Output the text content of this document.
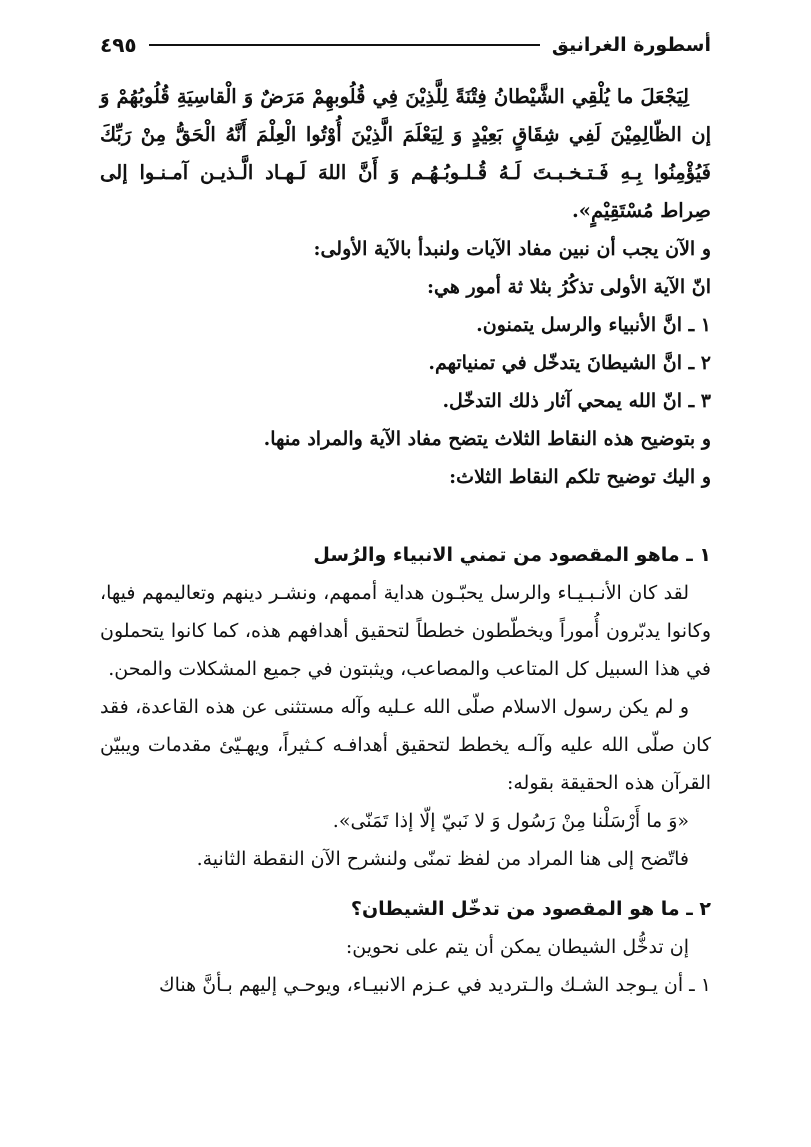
أسطورة الغرانيق
٤٩٥

لِيَجْعَلَ ما يُلْقِي الشَّيْطانُ فِتْنَةً لِلَّذِيْنَ فِي قُلُوبهِمْ مَرَضٌ وَ الْقاسِيَةِ قُلُوبُهُمْ وَ إن الظّالِمِيْنَ لَفِي شِقَاقٍ بَعِيْدٍ وَ لِيَعْلَمَ الَّذِيْنَ أُوْتُوا الْعِلْمَ أَنَّهُ الْحَقُّ مِنْ رَبِّكَ فَيُؤْمِنُوا بِـهِ فَـتـخـبـتَ لَـهُ قُـلـوبُـهُـم وَ أَنَّ اللهَ لَـهـاد الَّـذيـن آمـنـوا إلى صِراط مُسْتَقِيْمٍ».

و الآن يجب أن نبين مفاد الآيات ولنبدأ بالآية الأولى:

انّ الآية الأولى تذكُرُ بثلا ثة أمور هي:

١ ـ انَّ الأنبياء والرسل يتمنون.

٢ ـ انَّ الشيطانَ يتدخّل في تمنياتهم.

٣ ـ انّ الله يمحي آثار ذلك التدخّل.

و بتوضيح هذه النقاط الثلاث يتضح مفاد الآية والمراد منها.

و اليك توضيح تلكم النقاط الثلاث:

١ ـ ماهو المقصود من تمني الانبياء والرُسل

لقد كان الأنـبـيـاء والرسل يحبّـون هداية أممهم، ونشـر دينهم وتعاليمهم فيها، وكانوا يدبّرون أُموراً ويخطّطون خططاً لتحقيق أهدافهم هذه، كما كانوا يتحملون في هذا السبيل كل المتاعب والمصاعب، ويثبتون في جميع المشكلات والمحن.

و لم يكن رسول الاسلام صلّى الله عـليه وآله مستثنى عن هذه القاعدة، فقد كان صلّى الله عليه وآلـه يخطط لتحقيق أهدافـه كـثيراً، ويهـيّئ مقدمات ويبيّن القرآن هذه الحقيقة بقوله:

«وَ ما أَرْسَلْنا مِنْ رَسُول وَ لا نَبيّ إلّا إذا تَمَنّى».

فاتّضح إلى هنا المراد من لفظ تمنّى ولنشرح الآن النقطة الثانية.

٢ ـ ما هو المقصود من تدخّل الشيطان؟

إن تدخُّل الشيطان يمكن أن يتم على نحوين:

١ ـ أن يـوجد الشـك والـترديد في عـزم الانبيـاء، ويوحـي إليهم بـأنَّ هناك
